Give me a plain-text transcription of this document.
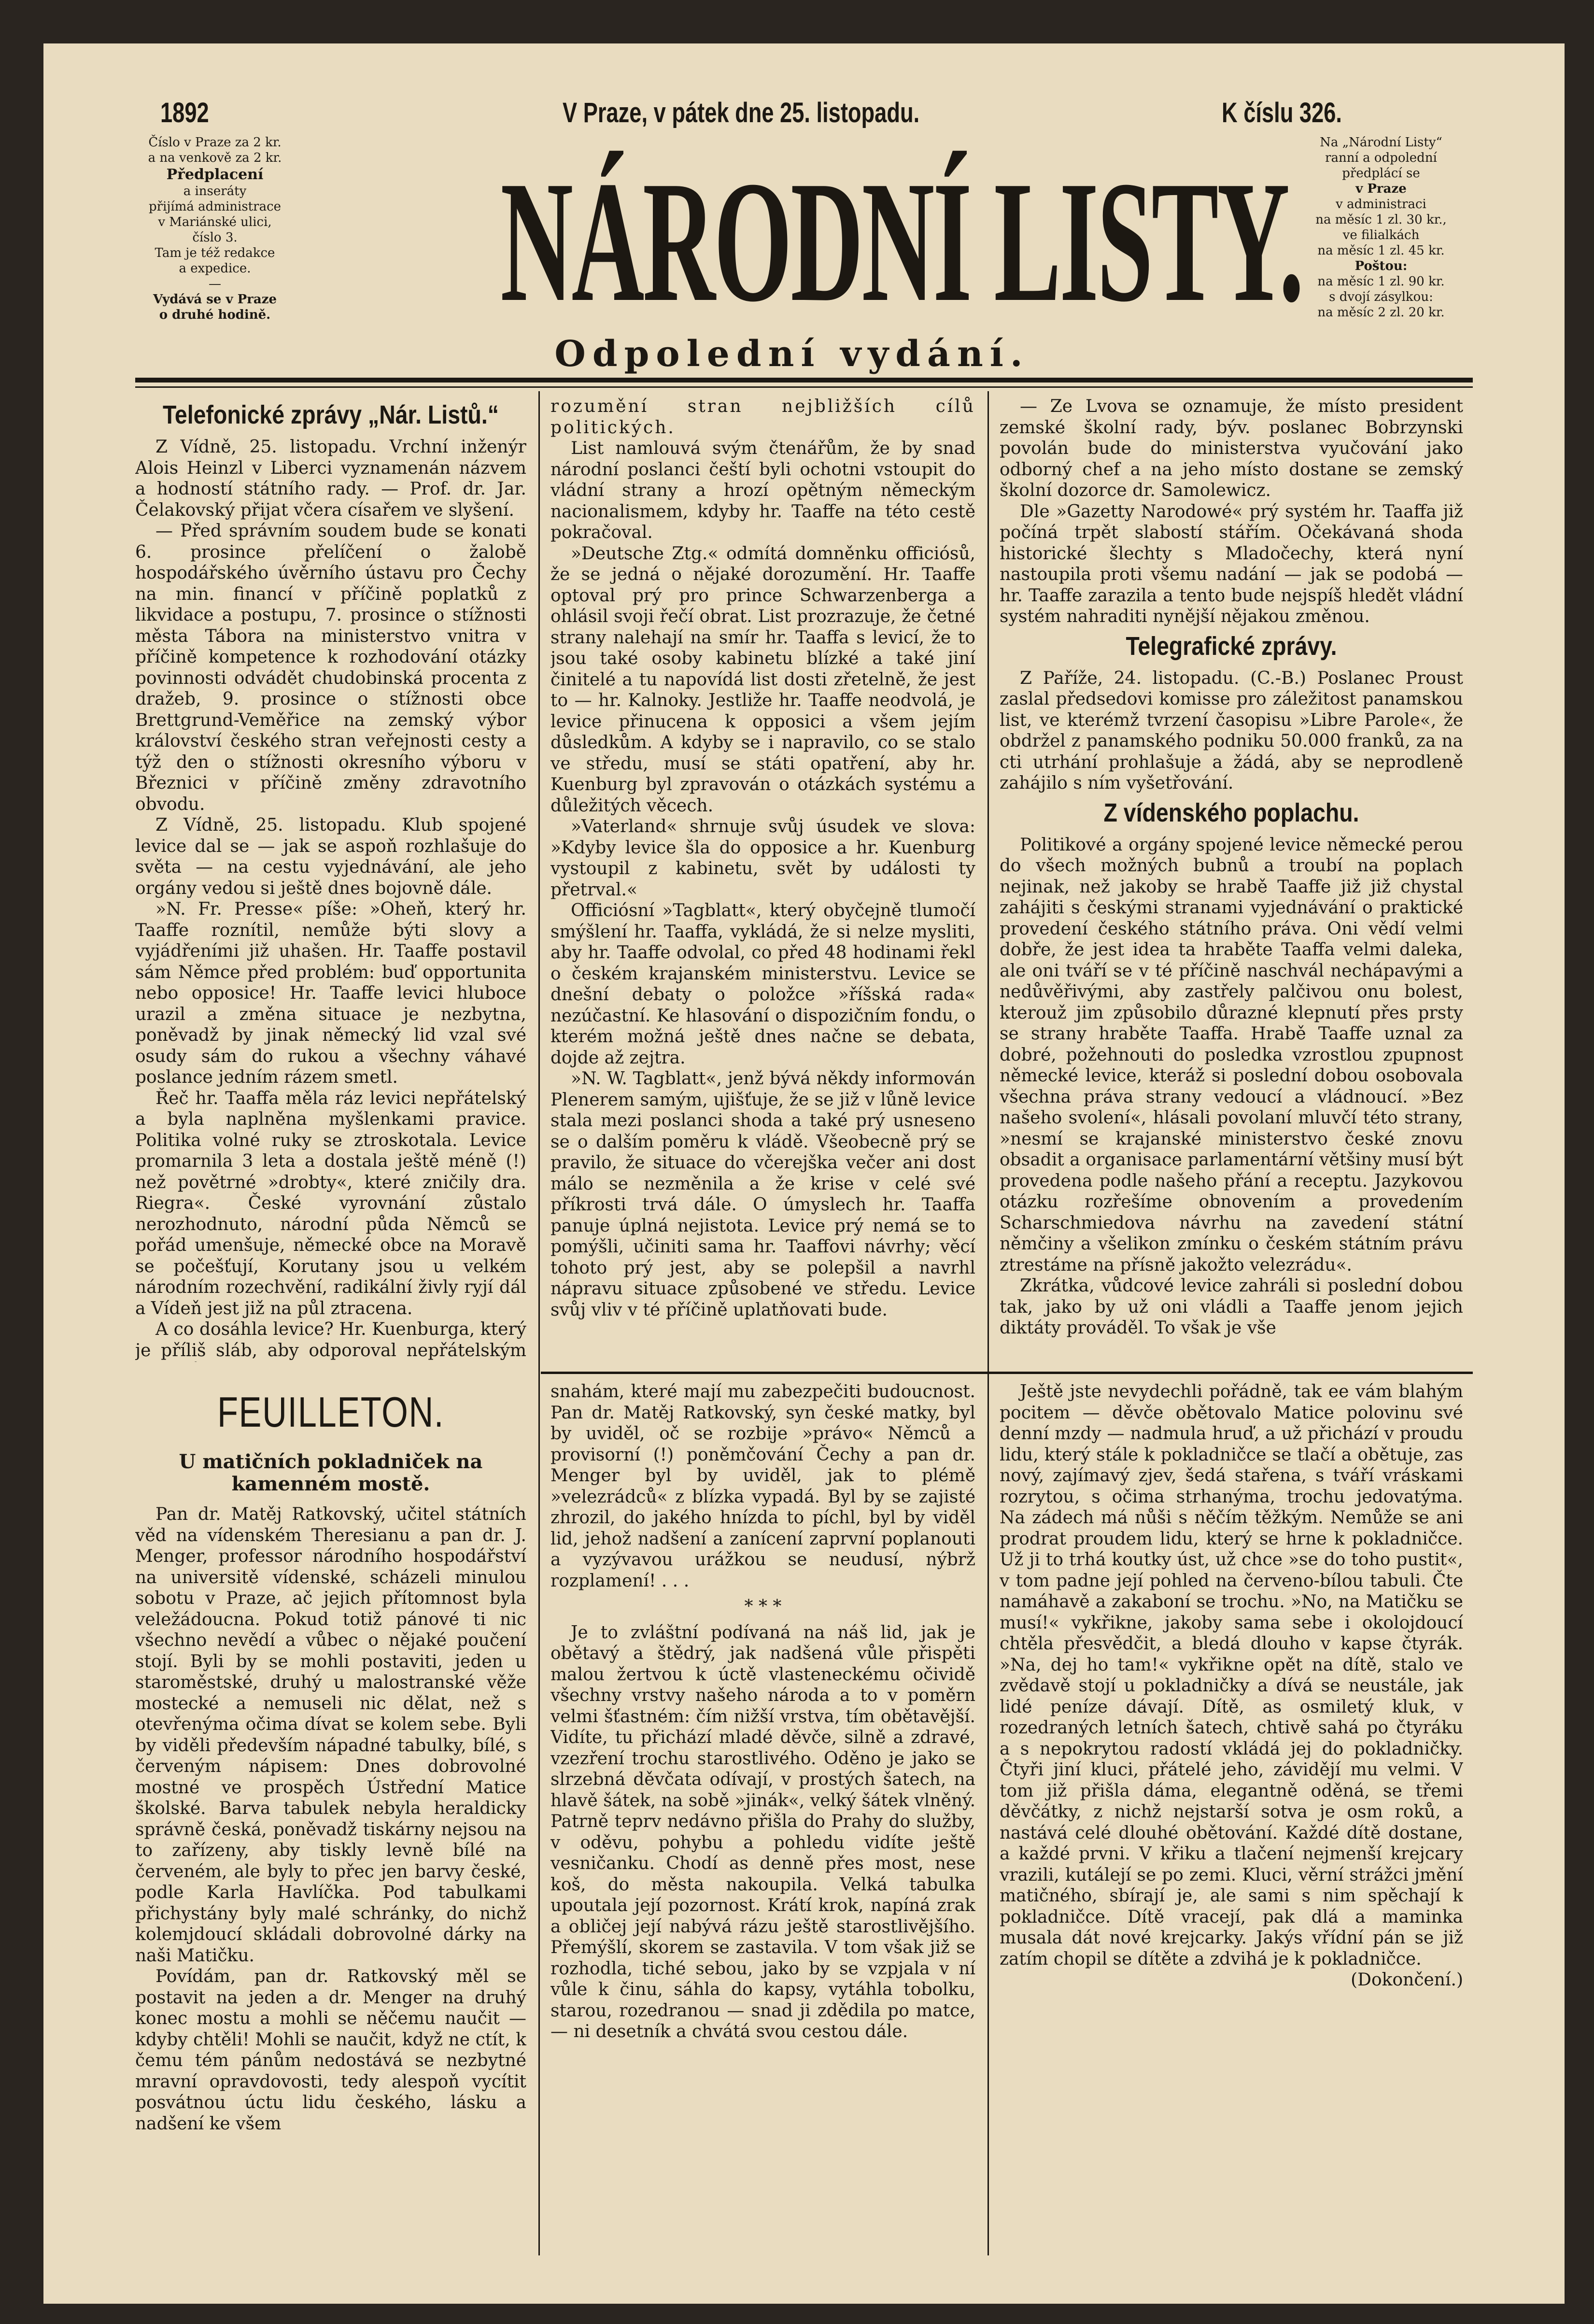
1892	V Praze, v pátek dne 25. listopadu.	K číslu 326.
Číslo v Praze za 2 kr.
a na venkově za 2 kr.
Předplacení
a inseráty
přijímá administrace
v Mariánské ulici,
číslo 3.
Tam je též redakce
a expedice.
—
Vydává se v Praze
o druhé hodině. NÁRODNÍ LISTY.
Odpolední vydání.
Na „Národní Listy“
ranní a odpolední
předplácí se
v Praze
v administraci
na měsíc 1 zl. 30 kr.,
ve filialkách
na měsíc 1 zl. 45 kr.
Poštou:
na měsíc 1 zl. 90 kr.
s dvojí zásylkou:
na měsíc 2 zl. 20 kr.
Telefonické zprávy „Nár. Listů.“

Z Vídně, 25. listopadu. Vrchní inženýr Alois Heinzl v Liberci vyznamenán názvem a hodností státního rady. — Prof. dr. Jar. Čelakovský přijat včera císařem ve slyšení.

— Před správním soudem bude se konati 6. prosince přelíčení o žalobě hospodářského úvěrního ústavu pro Čechy na min. financí v příčině poplatků z likvidace a postupu, 7. prosince o stížnosti města Tábora na ministerstvo vnitra v příčině kompetence k rozhodování otázky povinnosti odvádět chudobinská procenta z dražeb, 9. prosince o stížnosti obce Brettgrund-Veměřice na zemský výbor království českého stran veřejnosti cesty a týž den o stížnosti okresního výboru v Březnici v příčině změny zdravotního obvodu.

Z Vídně, 25. listopadu. Klub spojené levice dal se — jak se aspoň rozhlašuje do světa — na cestu vyjednávání, ale jeho orgány vedou si ještě dnes bojovně dále.

»N. Fr. Presse« píše: »Oheň, který hr. Taaffe roznítil, nemůže býti slovy a vyjádřeními již uhašen. Hr. Taaffe postavil sám Němce před problém: buď opportunita nebo opposice! Hr. Taaffe levici hluboce urazil a změna situace je nezbytna, poněvadž by jinak německý lid vzal své osudy sám do rukou a všechny váhavé poslance jedním rázem smetl.

Řeč hr. Taaffa měla ráz levici nepřátelský a byla naplněna myšlenkami pravice. Politika volné ruky se ztroskotala. Levice promarnila 3 leta a dostala ještě méně (!) než povětrné »drobty«, které zničily dra. Riegra«. České vyrovnání zůstalo nerozhodnuto, národní půda Němců se pořád umenšuje, německé obce na Moravě se počešťují, Korutany jsou u velkém národním rozechvění, radikální živly ryjí dál a Vídeň jest již na půl ztracena.

A co dosáhla levice? Hr. Kuenburga, který je příliš sláb, aby odporoval nepřátelským

rozumění stran nejbližších cílů politických.

List namlouvá svým čtenářům, že by snad národní poslanci čeští byli ochotni vstoupit do vládní strany a hrozí opětným německým nacionalismem, kdyby hr. Taaffe na této cestě pokračoval.

»Deutsche Ztg.« odmítá domněnku officiósů, že se jedná o nějaké dorozumění. Hr. Taaffe optoval prý pro prince Schwarzenberga a ohlásil svoji řečí obrat. List prozrazuje, že četné strany nalehají na smír hr. Taaffa s levicí, že to jsou také osoby kabinetu blízké a také jiní činitelé a tu napovídá list dosti zřetelně, že jest to — hr. Kalnoky. Jestliže hr. Taaffe neodvolá, je levice přinucena k opposici a všem jejím důsledkům. A kdyby se i napravilo, co se stalo ve středu, musí se státi opatření, aby hr. Kuenburg byl zpravován o otázkách systému a důležitých věcech.

»Vaterland« shrnuje svůj úsudek ve slova: »Kdyby levice šla do opposice a hr. Kuenburg vystoupil z kabinetu, svět by události ty přetrval.«

Officiósní »Tagblatt«, který obyčejně tlumočí smýšlení hr. Taaffa, vykládá, že si nelze mysliti, aby hr. Taaffe odvolal, co před 48 hodinami řekl o českém krajanském ministerstvu. Levice se dnešní debaty o položce »říšská rada« nezúčastní. Ke hlasování o dispozičním fondu, o kterém možná ještě dnes načne se debata, dojde až zejtra.

»N. W. Tagblatt«, jenž bývá někdy informován Plenerem samým, ujišťuje, že se již v lůně levice stala mezi poslanci shoda a také prý usneseno se o dalším poměru k vládě. Všeobecně prý se pravilo, že situace do včerejška večer ani dost málo se nezměnila a že krise v celé své příkrosti trvá dále. O úmyslech hr. Taaffa panuje úplná nejistota. Levice prý nemá se to pomýšli, učiniti sama hr. Taaffovi návrhy; věcí tohoto prý jest, aby se polepšil a navrhl nápravu situace způsobené ve středu. Levice svůj vliv v té příčině uplatňovati bude.

— Ze Lvova se oznamuje, že místo president zemské školní rady, býv. poslanec Bobrzynski povolán bude do ministerstva vyučování jako odborný chef a na jeho místo dostane se zemský školní dozorce dr. Samolewicz.

Dle »Gazetty Narodowé« prý systém hr. Taaffa již počíná trpět slabostí stářím. Očekávaná shoda historické šlechty s Mladočechy, která nyní nastoupila proti všemu nadání — jak se podobá — hr. Taaffe zarazila a tento bude nejspíš hledět vládní systém nahraditi nynější nějakou změnou.

Telegrafické zprávy.

Z Paříže, 24. listopadu. (C.-B.) Poslanec Proust zaslal předsedovi komisse pro záležitost panamskou list, ve kterémž tvrzení časopisu »Libre Parole«, že obdržel z panamského podniku 50.000 franků, za na cti utrhání prohlašuje a žádá, aby se neprodleně zahájilo s ním vyšetřování.

Z vídenského poplachu.

Politikové a orgány spojené levice německé perou do všech možných bubnů a troubí na poplach nejinak, než jakoby se hrabě Taaffe již již chystal zahájiti s českými stranami vyjednávání o praktické provedení českého státního práva. Oni vědí velmi dobře, že jest idea ta hraběte Taaffa velmi daleka, ale oni tváří se v té příčině naschvál nechápavými a nedůvěřivými, aby zastřely palčivou onu bolest, kterouž jim způsobilo důrazné klepnutí přes prsty se strany hraběte Taaffa. Hrabě Taaffe uznal za dobré, požehnouti do posledka vzrostlou zpupnost německé levice, kteráž si poslední dobou osobovala všechna práva strany vedoucí a vládnoucí. »Bez našeho svolení«, hlásali povolaní mluvčí této strany, »nesmí se krajanské ministerstvo české znovu obsadit a organisace parlamentární většiny musí být provedena podle našeho přání a receptu. Jazykovou otázku rozřešíme obnovením a provedením Scharschmiedova návrhu na zavedení státní němčiny a všelikon zmínku o českém státním právu ztrestáme na přísně jakožto velezrádu«.

Zkrátka, vůdcové levice zahráli si poslední dobou tak, jako by už oni vládli a Taaffe jenom jejich diktáty prováděl. To však je vše

FEUILLETON.
U matičních pokladniček na kamenném mostě.

Pan dr. Matěj Ratkovský, učitel státních věd na vídenském Theresianu a pan dr. J. Menger, professor národního hospodářství na universitě vídenské, scházeli minulou sobotu v Praze, ač jejich přítomnost byla veležádoucna. Pokud totiž pánové ti nic všechno nevědí a vůbec o nějaké poučení stojí. Byli by se mohli postaviti, jeden u staroměstské, druhý u malostranské věže mostecké a nemuseli nic dělat, než s otevřenýma očima dívat se kolem sebe. Byli by viděli především nápadné tabulky, bílé, s červeným nápisem: Dnes dobrovolné mostné ve prospěch Ústřední Matice školské. Barva tabulek nebyla heraldicky správně česká, poněvadž tiskárny nejsou na to zařízeny, aby tiskly levně bílé na červeném, ale byly to přec jen barvy české, podle Karla Havlíčka. Pod tabulkami přichystány byly malé schránky, do nichž kolemjdoucí skládali dobrovolné dárky na naši Matičku.

Povídám, pan dr. Ratkovský měl se postavit na jeden a dr. Menger na druhý konec mostu a mohli se něčemu naučit — kdyby chtěli! Mohli se naučit, když ne ctít, k čemu tém pánům nedostává se nezbytné mravní opravdovosti, tedy alespoň vycítit posvátnou úctu lidu českého, lásku a nadšení ke všem

snahám, které mají mu zabezpečiti budoucnost. Pan dr. Matěj Ratkovský, syn české matky, byl by uviděl, oč se rozbije »právo« Němců a provisorní (!) poněmčování Čechy a pan dr. Menger byl by uviděl, jak to plémě »velezrádců« z blízka vypadá. Byl by se zajisté zhrozil, do jakého hnízda to píchl, byl by viděl lid, jehož nadšení a zanícení zaprvní poplanouti a vyzývavou urážkou se neudusí, nýbrž rozplamení! . . .

* * *

Je to zvláštní podívaná na náš lid, jak je obětavý a štědrý, jak nadšená vůle přispěti malou žertvou k úctě vlasteneckému očividě všechny vrstvy našeho národa a to v poměrn velmi šťastném: čím nižší vrstva, tím obětavější. Vidíte, tu přichází mladé děvče, silně a zdravé, vzezření trochu starostlivého. Oděno je jako se slrzebná děvčata odívají, v prostých šatech, na hlavě šátek, na sobě »jinák«, velký šátek vlněný. Patrně teprv nedávno přišla do Prahy do služby, v oděvu, pohybu a pohledu vidíte ještě vesničanku. Chodí as denně přes most, nese koš, do města nakoupila. Velká tabulka upoutala její pozornost. Krátí krok, napíná zrak a obličej její nabývá rázu ještě starostlivějšího. Přemýšlí, skorem se zastavila. V tom však již se rozhodla, tiché sebou, jako by se vzpjala v ní vůle k činu, sáhla do kapsy, vytáhla tobolku, starou, rozedranou — snad ji zdědila po matce, — ni desetník a chvátá svou cestou dále.

Ještě jste nevydechli pořádně, tak ee vám blahým pocitem — děvče obětovalo Matice polovinu své denní mzdy — nadmula hruď, a už přichází v proudu lidu, který stále k pokladničce se tlačí a obětuje, zas nový, zajímavý zjev, šedá stařena, s tváří vráskami rozrytou, s očima strhanýma, trochu jedovatýma. Na zádech má nůši s něčím těžkým. Nemůže se ani prodrat proudem lidu, který se hrne k pokladničce. Už ji to trhá koutky úst, už chce »se do toho pustit«, v tom padne její pohled na červeno-bílou tabuli. Čte namáhavě a zakaboní se trochu. »No, na Matičku se musí!« vykřikne, jakoby sama sebe i okolojdoucí chtěla přesvědčit, a bledá dlouho v kapse čtyrák. »Na, dej ho tam!« vykřikne opět na dítě, stalo ve zvědavě stojí u pokladničky a dívá se neustále, jak lidé peníze dávají. Dítě, as osmiletý kluk, v rozedraných letních šatech, chtivě sahá po čtyráku a s nepokrytou radostí vkládá jej do pokladničky. Čtyři jiní kluci, přátelé jeho, závidějí mu velmi. V tom již přišla dáma, elegantně oděná, se třemi děvčátky, z nichž nejstarší sotva je osm roků, a nastává celé dlouhé obětování. Každé dítě dostane, a každé prvni. V křiku a tlačení nejmenší krejcary vrazili, kutálejí se po zemi. Kluci, věrní strážci jmění matičného, sbírají je, ale sami s nim spěchají k pokladničce. Dítě vracejí, pak dlá a maminka musala dát nové krejcarky. Jakýs vřídní pán se již zatím chopil se dítěte a zdvihá je k pokladničce.

(Dokončení.)
